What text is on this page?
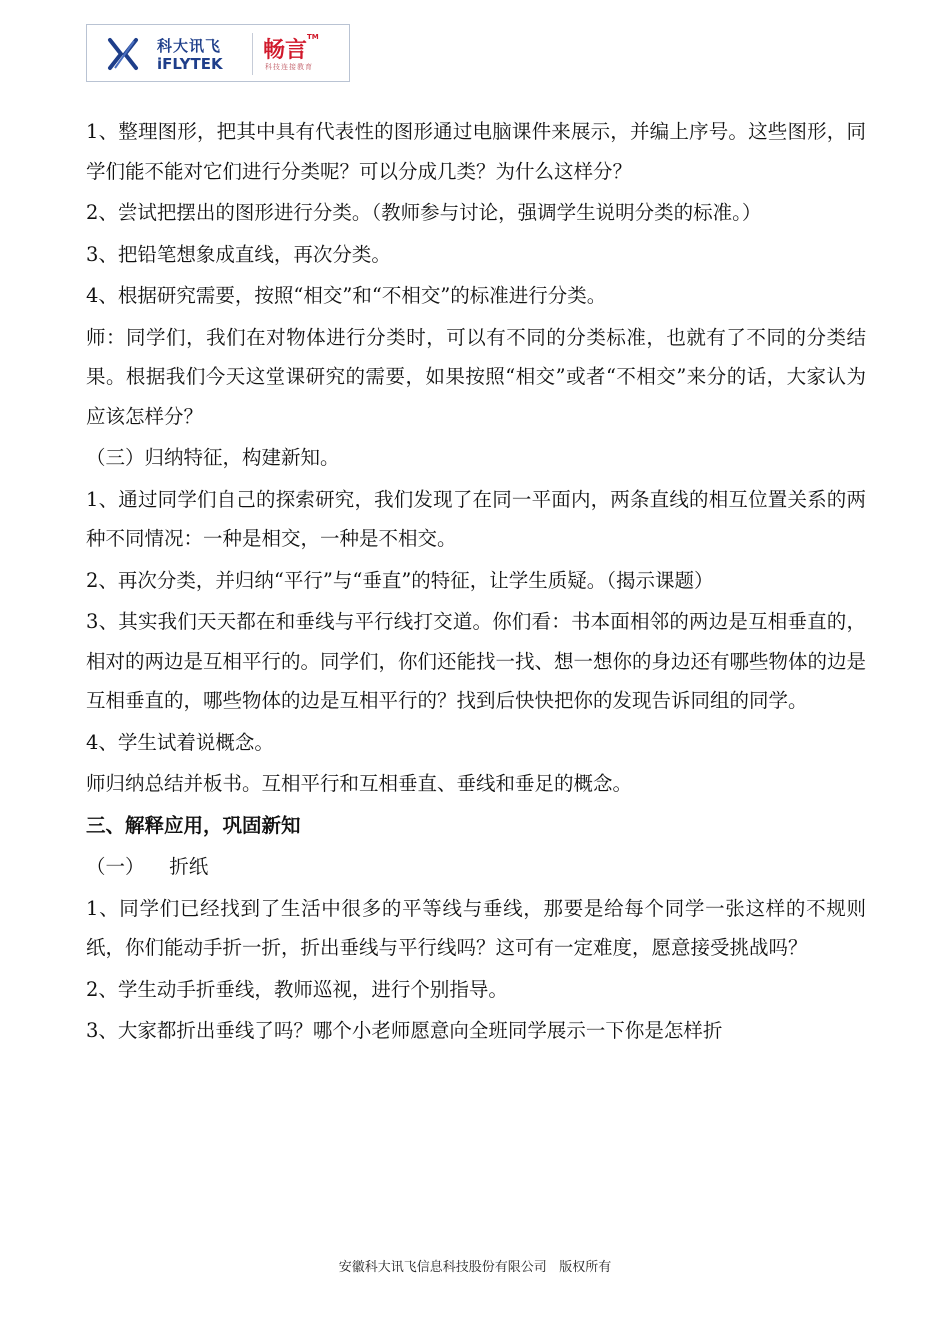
科大讯飞
iFLYTEK
畅言™
科技连接教育

1、整理图形，把其中具有代表性的图形通过电脑课件来展示，并编上序号。这些图形，同学们能不能对它们进行分类呢？可以分成几类？为什么这样分？

2、尝试把摆出的图形进行分类。（教师参与讨论，强调学生说明分类的标准。）

3、把铅笔想象成直线，再次分类。

4、根据研究需要，按照“相交”和“不相交”的标准进行分类。

师：同学们，我们在对物体进行分类时，可以有不同的分类标准，也就有了不同的分类结果。根据我们今天这堂课研究的需要，如果按照“相交”或者“不相交”来分的话，大家认为应该怎样分？

（三）归纳特征，构建新知。

1、通过同学们自己的探索研究，我们发现了在同一平面内，两条直线的相互位置关系的两种不同情况：一种是相交，一种是不相交。

2、再次分类，并归纳“平行”与“垂直”的特征，让学生质疑。（揭示课题）

3、其实我们天天都在和垂线与平行线打交道。你们看：书本面相邻的两边是互相垂直的，相对的两边是互相平行的。同学们，你们还能找一找、想一想你的身边还有哪些物体的边是互相垂直的，哪些物体的边是互相平行的？找到后快快把你的发现告诉同组的同学。

4、学生试着说概念。

师归纳总结并板书。互相平行和互相垂直、垂线和垂足的概念。

三、解释应用，巩固新知

（一）    折纸

1、同学们已经找到了生活中很多的平等线与垂线，那要是给每个同学一张这样的不规则纸，你们能动手折一折，折出垂线与平行线吗？这可有一定难度，愿意接受挑战吗？

2、学生动手折垂线，教师巡视，进行个别指导。

3、大家都折出垂线了吗？哪个小老师愿意向全班同学展示一下你是怎样折

安徽科大讯飞信息科技股份有限公司   版权所有
